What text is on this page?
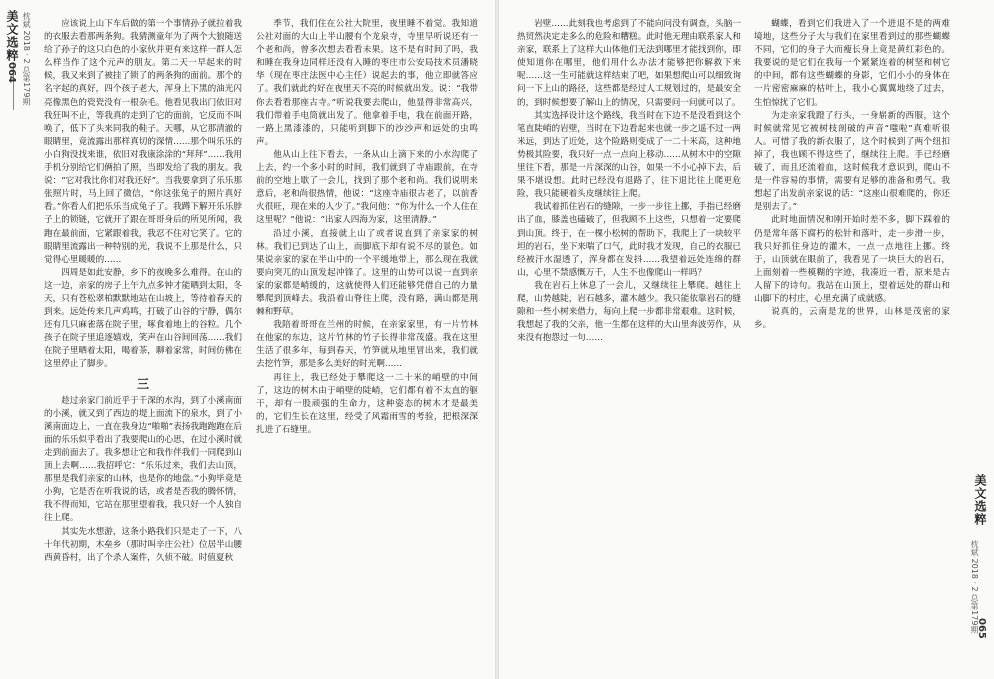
美文选粹 枕斌 2018 · 2 总第179期
064
美文选粹
枕斌 2018 · 2 总第179期
065

应该说上山下车后做的第一个事情孙子就拉着我的衣服去看那两条狗。我猜测童年为了两个大狼随送给了孙子的这只白色的小家伙并更有来这样一群人怎么样当作了这个元声的朋友。第二天一早起来的时候，我又来到了被挂了锁了的两条狗的面前。那个的名字起的真好，四个孩子老大，浑身上下黑的油光闪亮像黑色的瓷瓷没有一根杂毛。他看见我出门依旧对我狂叫不止，等我真的走到了它的面前，它反而不叫唤了，低下了头来同我的鞋子。天哪，从它那清澈的眼睛里，竟流露出那样真切的深情……那个叫乐乐的小白狗没找来谁，依旧对我康涂涂的“拜拜”……我用手机分别给它们俩拍了照，当即发给了我的朋友。我说：“它对我比你们对我还好”。当我要拿到了乐乐那张照片时，马上回了微信，“你这张兔子的照片真好看。”你看人们把乐乐当成兔子了。我蹲下解开乐乐脖子上的锁链，它就开了跟在哥哥身后的所见所闻，我跑在最前面，它紧跟着我，我忍不住对它笑了。它的眼睛里流露出一种特别的光，我说不上那是什么，只觉得心里暖暖的……

四周是如此安静，乡下的夜晚多么难得。在山的这一边，亲家的房子上午九点多钟才能晒到太阳，冬天，只有苍松翠柏默默地站在山坡上，等待着春天的到来。远处传来几声鸡鸣，打破了山谷的宁静，偶尔还有几只麻雀落在院子里，啄食着地上的谷粒。几个孩子在院子里追逐嬉戏，笑声在山谷间回荡……我们在院子里晒着太阳，喝着茶，聊着家常，时间仿佛在这里停止了脚步。

三

趁过亲家门前近乎于千深的水沟，到了小溪南面的小溪，就又到了西边的堤上面流下的泉水，到了小溪南面边上，一直在我身边“啪啪”表扬我跑跑跑在后面的乐乐似乎看出了我要爬山的心思，在过小溪时就走到前面去了。我多想让它和我作伴我们一同爬到山顶上去啊……我招呼它：“乐乐过来，我们去山顶，那里是我们亲家的山林，也是你的地盘。”小狗毕竟是小狗，它是否在听我说的话，或者是否我的腾怀情，我不得而知，它站在那里望着我，我只好一个人独自往上爬。

其实先水想游，这条小路我们只是走了一下，八十年代初期，木垒乡（那时叫辛庄公社）位居半山腰西黄昏村，出了个杀人案件，久侦不破。时值夏秋

季节，我们住在公社大院里，夜里睡不着觉。我知道公社对面的大山上半山腰有个龙泉寺，寺里早听说还有一个老和尚，曾多次想去看看未果。这不是有时间了吗，我和睡在我身边同样还没有入睡的枣庄市公安局技术员潘晓华（现在枣庄法医中心主任）说起去的事，他立即就答应了。我们就此约好在夜里天不亮的时候就出发。说：“我带你去看看那座古寺。”听说我要去爬山，他显得非常高兴，我们带着手电筒就出发了。他拿着手电，我在前面开路，一路上黑漆漆的，只能听到脚下的沙沙声和远处的虫鸣声。

他从山上往下看去，一条从山上滴下来的小水沟爬了上去，约一个多小时的时间，我们就到了寺庙跟前，在寺前的空地上歇了一会儿，找到了那个老和尚。我们说明来意后，老和尚很热情，他说：“这座寺庙很古老了，以前香火很旺，现在来的人少了。”我问他：“你为什么一个人住在这里呢？”他说：“出家人四海为家，这里清静。”

沿过小溪，直接就上山了或者说直到了亲家家的树林。我们已到达了山上，而脚底下却有说不尽的景色。如果说亲家的家在半山中的一个平缓地带上，那么现在我就要向突兀的山顶发起冲锋了。这里的山势可以说一直到亲家的家都是峭缓的，这就使得人们还能够凭借自己的力量攀爬到顶峰去。我沿着山脊往上爬，没有路，满山都是荆棘和野草。

我陪着哥哥在兰州的时候，在亲家家里，有一片竹林在他家的东边，这片竹林的竹子长得非常茂盛。我在这里生活了很多年，每到春天，竹笋就从地里冒出来，我们就去挖竹笋，那是多么美好的时光啊……

再往上，我已经处于攀爬这一二十米的峭壁的中间了，这边的树木由于峭壁的陡峭，它们都有着不太直的躯干，却有一股顽强的生命力，这种姿态的树木才是最美的，它们生长在这里，经受了风霜雨雪的考验，把根深深扎进了石缝里。

岩壁……此刻我也考虑到了不能向问没有调查，头脑一热贸然决定走多么的危险和糟糕。此时他无理由联系家人和亲家，联系上了这样大山体他们无法到哪里才能找到你，即使知道你在哪里，他们用什么办法才能够把你解救下来呢……这一生可能就这样结束了吧，如果想爬山可以细致询问一下上山的路径，这些都是经过人工规划过的，是最安全的，到时候想要了解山上的情况，只需要问一问就可以了。

其实选择设计这个路线，我当时在下边不是没看到这个笔直陡峭的岩壁，当时在下边看起来也就一步之遥不过一两米远，到达了近处，这个险路则变成了一二十米高，这种地势极其险要，我只好一点一点向上移动……从树木中的空隙里往下看，那是一片深深的山谷，如果一不小心掉下去，后果不堪设想。此时已经没有退路了，往下退比往上爬更危险，我只能硬着头皮继续往上爬。

我试着抓住岩石的缝隙，一步一步往上挪，手指已经磨出了血，膝盖也磕破了，但我顾不上这些，只想着一定要爬到山顶。终于，在一棵小松树的帮助下，我爬上了一块较平坦的岩石，坐下来喘了口气，此时我才发现，自己的衣服已经被汗水湿透了，浑身都在发抖……我望着远处连绵的群山，心里不禁感慨万千，人生不也像爬山一样吗？

我在岩石上休息了一会儿，又继续往上攀爬。越往上爬，山势越陡，岩石越多，灌木越少。我只能依靠岩石的缝隙和一些小树来借力，每向上爬一步都非常艰难。这时候，我想起了我的父亲，他一生都在这样的大山里奔波劳作，从来没有抱怨过一句……

蝴蝶，看到它们我进入了一个进退不是的两难境地，这些分子大与我们在家里看到过的那些蝴蝶不同，它们的身子大而瘦长身上竟是黄红彩色的。我要说的是它们在我每一个紧紧连着的树坚和树它的中间，都有这些蝴蝶的身影，它们小小的身体在一片密密麻麻的枯叶上，我小心翼翼地绕了过去，生怕惊扰了它们。

为走亲家我蹬了行头，一身崭新的西服，这个时候就常见它被树枝剖破的声音“嗤啦”真难听很人。可惜了我的新衣服了，这个时候到了两个纽扣掉了，我也顾不得这些了，继续往上爬。手已经磨破了，而且还流着血，这时候我才意识到，爬山不是一件容易的事情，需要有足够的准备和勇气。我想起了出发前亲家说的话：“这座山很难爬的，你还是别去了。”

此时地面情况和刚开始时差不多，脚下踩着的仍是常年落下腐朽的松针和落叶，走一步滑一步，我只好抓住身边的灌木，一点一点地往上挪。终于，山顶就在眼前了，我看见了一块巨大的岩石，上面刻着一些模糊的字迹，我凑近一看，原来是古人留下的诗句。我站在山顶上，望着远处的群山和山脚下的村庄，心里充满了成就感。

说真的，云南是龙的世界，山林是茂密的家乡。
